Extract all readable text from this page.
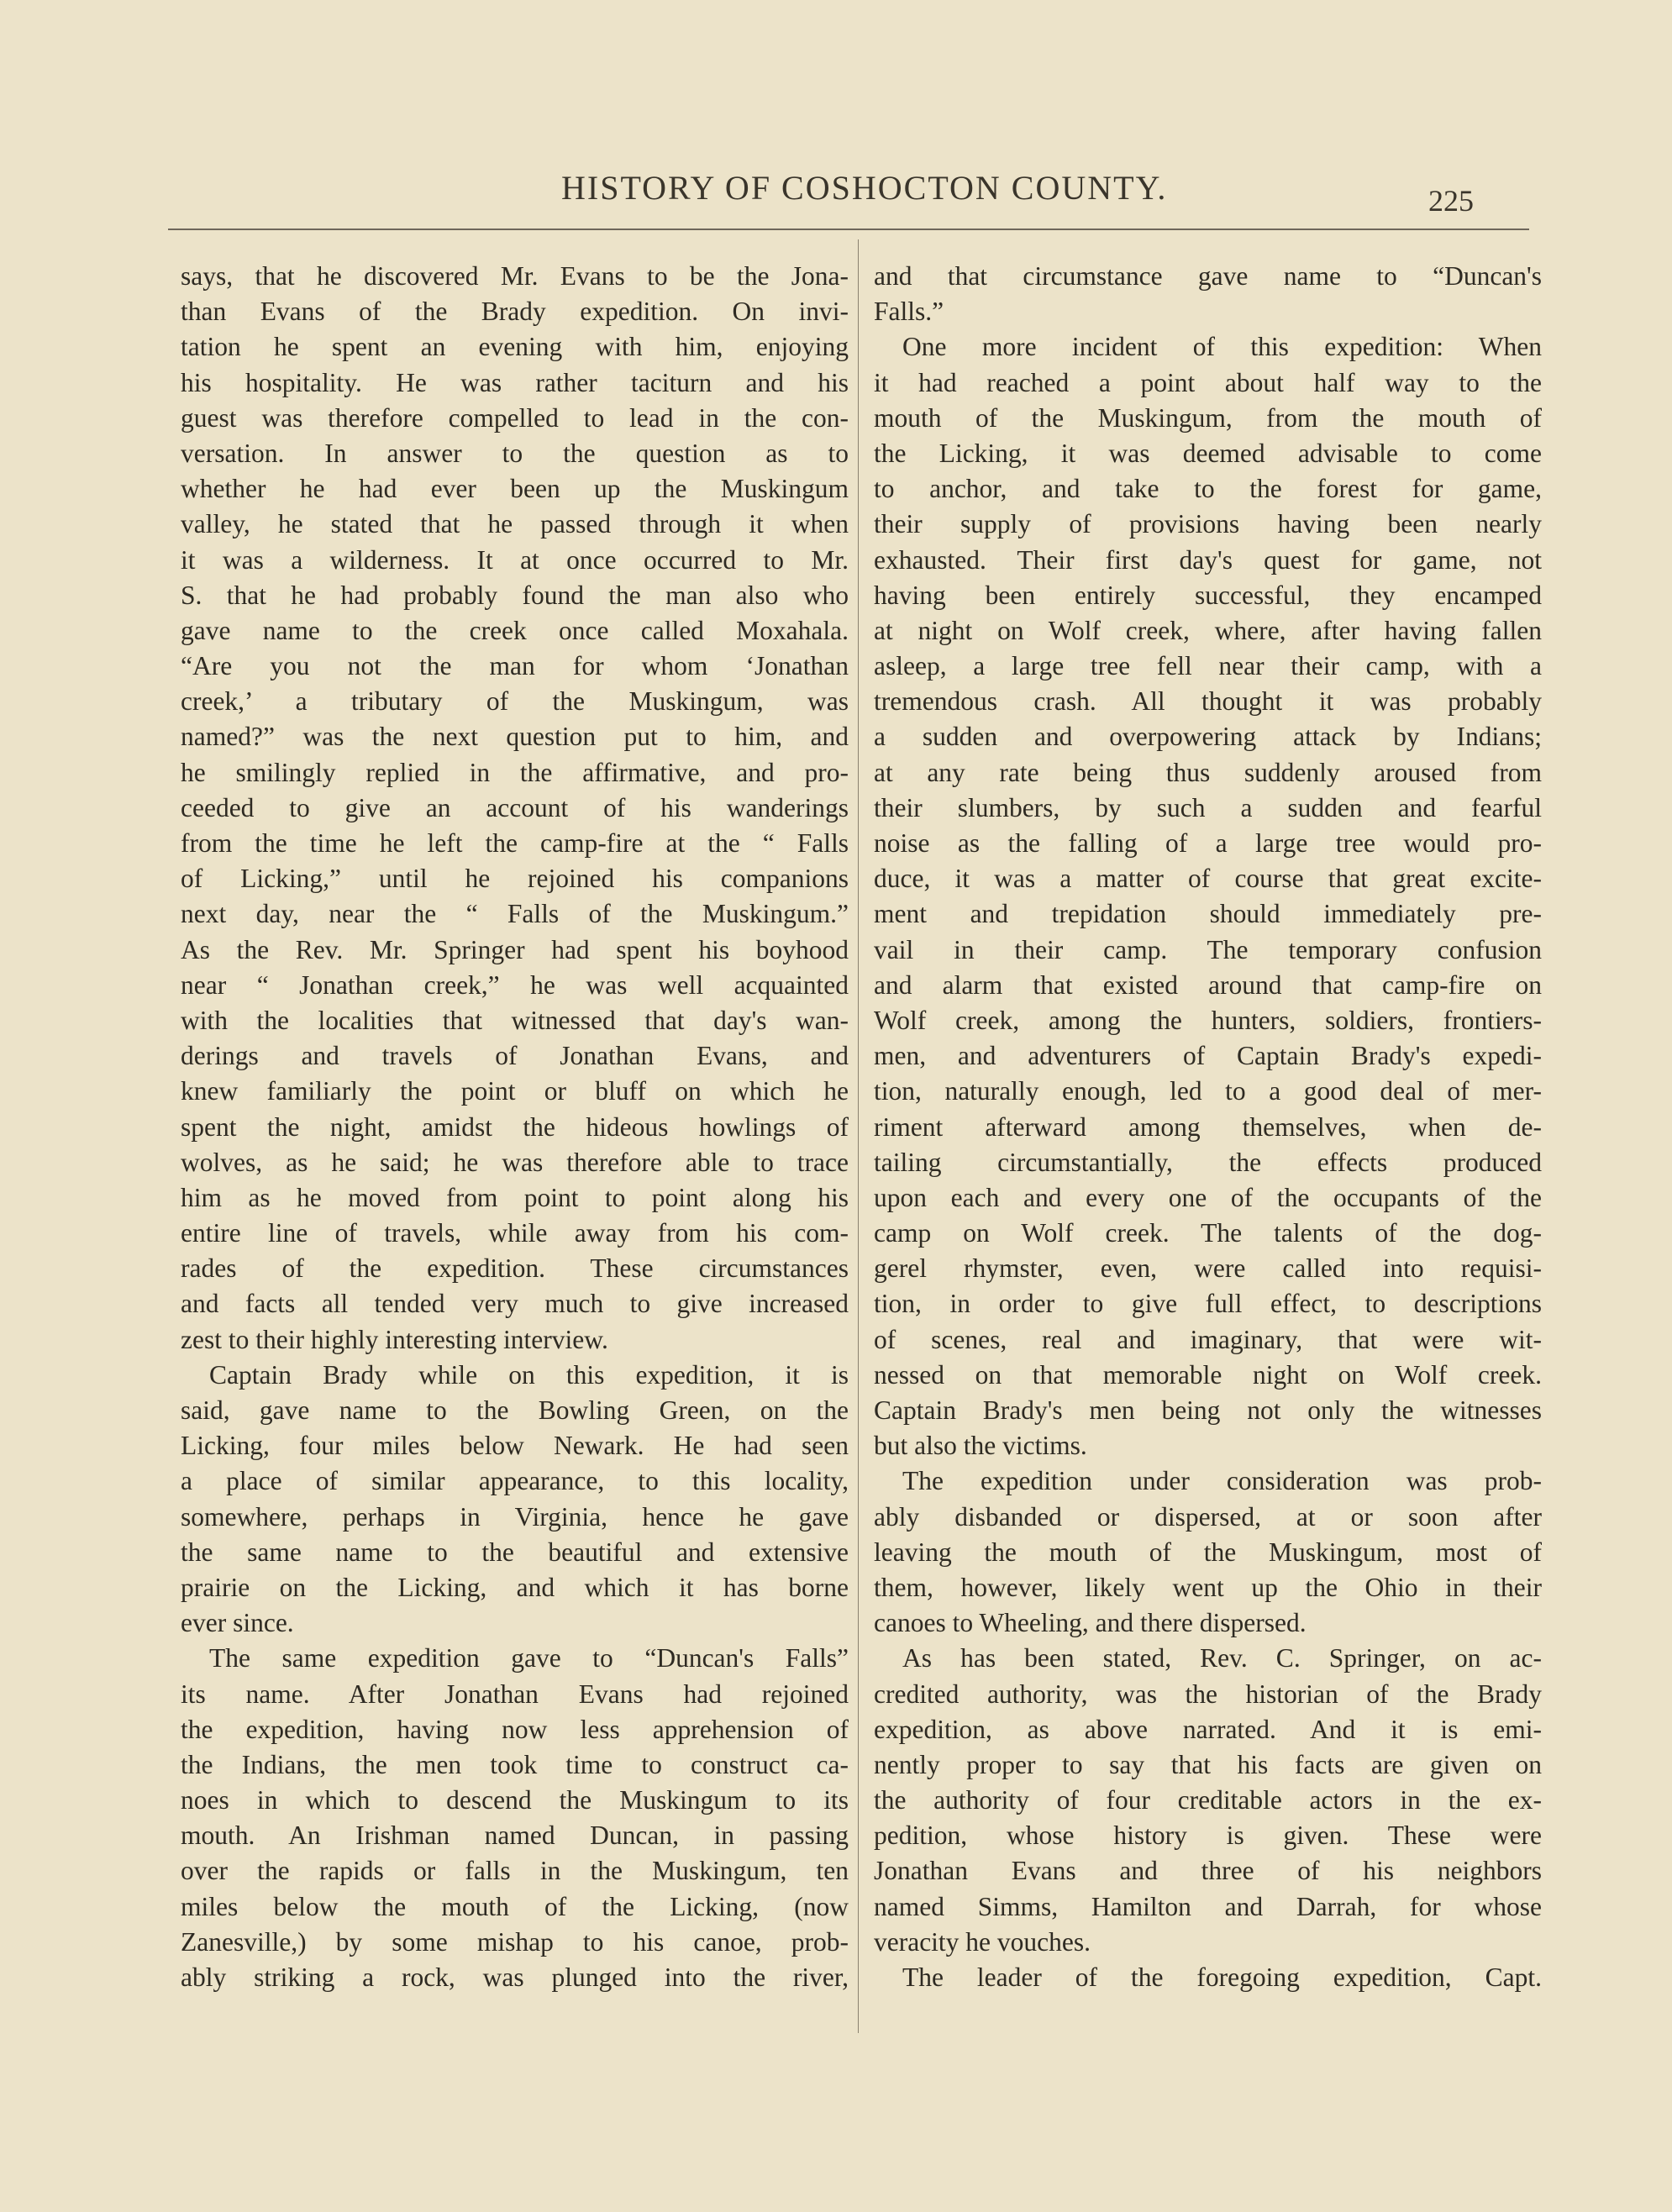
HISTORY OF COSHOCTON COUNTY.	225
says, that he discovered Mr. Evans to be the Jona-
than Evans of the Brady expedition. On invi-
tation he spent an evening with him, enjoying
his hospitality. He was rather taciturn and his
guest was therefore compelled to lead in the con-
versation. In answer to the question as to
whether he had ever been up the Muskingum
valley, he stated that he passed through it when
it was a wilderness. It at once occurred to Mr.
S. that he had probably found the man also who
gave name to the creek once called Moxahala.
“Are you not the man for whom ‘Jonathan
creek,’ a tributary of the Muskingum, was
named?” was the next question put to him, and
he smilingly replied in the affirmative, and pro-
ceeded to give an account of his wanderings
from the time he left the camp-fire at the “ Falls
of Licking,” until he rejoined his companions
next day, near the “ Falls of the Muskingum.”
As the Rev. Mr. Springer had spent his boyhood
near “ Jonathan creek,” he was well acquainted
with the localities that witnessed that day's wan-
derings and travels of Jonathan Evans, and
knew familiarly the point or bluff on which he
spent the night, amidst the hideous howlings of
wolves, as he said; he was therefore able to trace
him as he moved from point to point along his
entire line of travels, while away from his com-
rades of the expedition. These circumstances
and facts all tended very much to give increased
zest to their highly interesting interview.
Captain Brady while on this expedition, it is
said, gave name to the Bowling Green, on the
Licking, four miles below Newark. He had seen
a place of similar appearance, to this locality,
somewhere, perhaps in Virginia, hence he gave
the same name to the beautiful and extensive
prairie on the Licking, and which it has borne
ever since.
The same expedition gave to “Duncan's Falls”
its name. After Jonathan Evans had rejoined
the expedition, having now less apprehension of
the Indians, the men took time to construct ca-
noes in which to descend the Muskingum to its
mouth. An Irishman named Duncan, in passing
over the rapids or falls in the Muskingum, ten
miles below the mouth of the Licking, (now
Zanesville,) by some mishap to his canoe, prob-
ably striking a rock, was plunged into the river,
and that circumstance gave name to “Duncan's
Falls.”
One more incident of this expedition: When
it had reached a point about half way to the
mouth of the Muskingum, from the mouth of
the Licking, it was deemed advisable to come
to anchor, and take to the forest for game,
their supply of provisions having been nearly
exhausted. Their first day's quest for game, not
having been entirely successful, they encamped
at night on Wolf creek, where, after having fallen
asleep, a large tree fell near their camp, with a
tremendous crash. All thought it was probably
a sudden and overpowering attack by Indians;
at any rate being thus suddenly aroused from
their slumbers, by such a sudden and fearful
noise as the falling of a large tree would pro-
duce, it was a matter of course that great excite-
ment and trepidation should immediately pre-
vail in their camp. The temporary confusion
and alarm that existed around that camp-fire on
Wolf creek, among the hunters, soldiers, frontiers-
men, and adventurers of Captain Brady's expedi-
tion, naturally enough, led to a good deal of mer-
riment afterward among themselves, when de-
tailing circumstantially, the effects produced
upon each and every one of the occupants of the
camp on Wolf creek. The talents of the dog-
gerel rhymster, even, were called into requisi-
tion, in order to give full effect, to descriptions
of scenes, real and imaginary, that were wit-
nessed on that memorable night on Wolf creek.
Captain Brady's men being not only the witnesses
but also the victims.
The expedition under consideration was prob-
ably disbanded or dispersed, at or soon after
leaving the mouth of the Muskingum, most of
them, however, likely went up the Ohio in their
canoes to Wheeling, and there dispersed.
As has been stated, Rev. C. Springer, on ac-
credited authority, was the historian of the Brady
expedition, as above narrated. And it is emi-
nently proper to say that his facts are given on
the authority of four creditable actors in the ex-
pedition, whose history is given. These were
Jonathan Evans and three of his neighbors
named Simms, Hamilton and Darrah, for whose
veracity he vouches.
The leader of the foregoing expedition, Capt.
